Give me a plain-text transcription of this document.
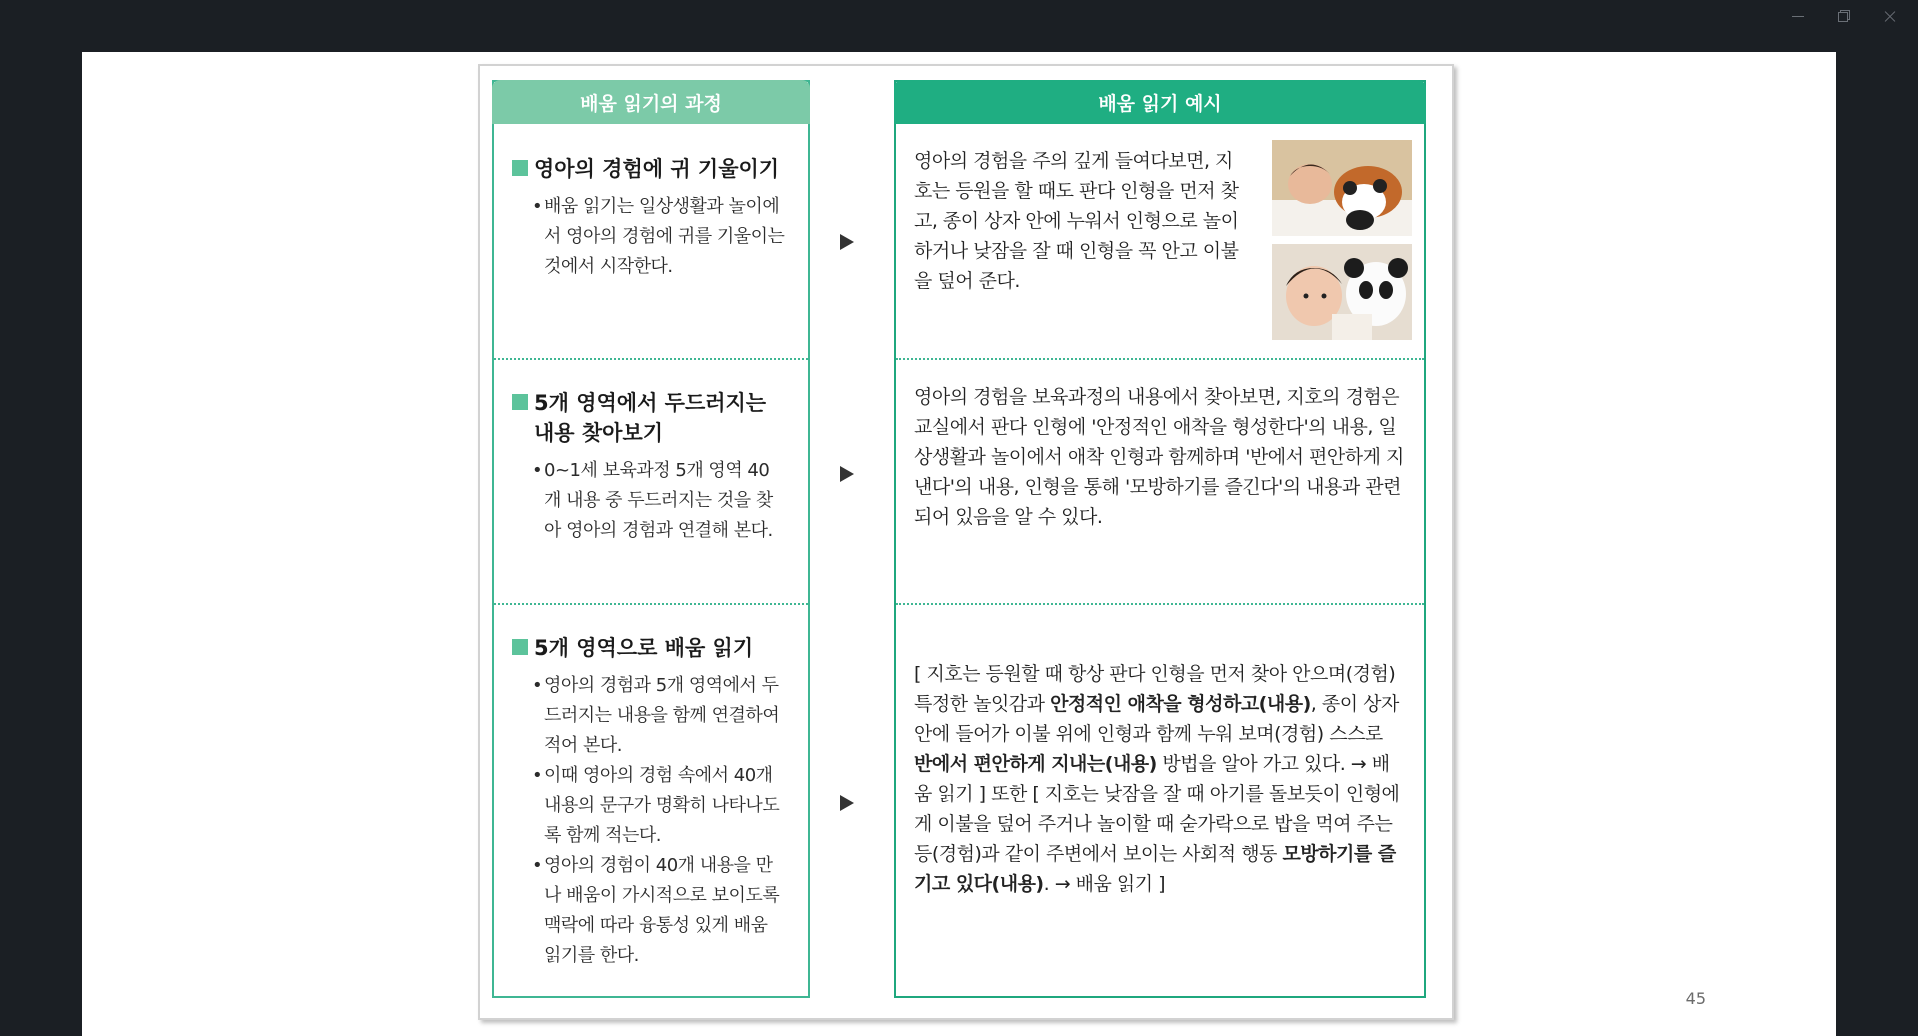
배움 읽기의 과정
영아의 경험에 귀 기울이기
• 배움 읽기는 일상생활과 놀이에서 영아의 경험에 귀를 기울이는 것에서 시작한다.
5개 영역에서 두드러지는 내용 찾아보기
• 0~1세 보육과정 5개 영역 40개 내용 중 두드러지는 것을 찾아 영아의 경험과 연결해 본다.
5개 영역으로 배움 읽기
• 영아의 경험과 5개 영역에서 두드러지는 내용을 함께 연결하여 적어 본다.
• 이때 영아의 경험 속에서 40개 내용의 문구가 명확히 나타나도록 함께 적는다.
• 영아의 경험이 40개 내용을 만나 배움이 가시적으로 보이도록 맥락에 따라 융통성 있게 배움 읽기를 한다.
배움 읽기 예시

영아의 경험을 주의 깊게 들여다보면, 지호는 등원을 할 때도 판다 인형을 먼저 찾고, 종이 상자 안에 누워서 인형으로 놀이하거나 낮잠을 잘 때 인형을 꼭 안고 이불을 덮어 준다.

영아의 경험을 보육과정의 내용에서 찾아보면, 지호의 경험은 교실에서 판다 인형에 '안정적인 애착을 형성한다'의 내용, 일상생활과 놀이에서 애착 인형과 함께하며 '반에서 편안하게 지낸다'의 내용, 인형을 통해 '모방하기를 즐긴다'의 내용과 관련되어 있음을 알 수 있다.

[ 지호는 등원할 때 항상 판다 인형을 먼저 찾아 안으며(경험) 특정한 놀잇감과 안정적인 애착을 형성하고(내용), 종이 상자 안에 들어가 이불 위에 인형과 함께 누워 보며(경험) 스스로 반에서 편안하게 지내는(내용) 방법을 알아 가고 있다. → 배움 읽기 ] 또한 [ 지호는 낮잠을 잘 때 아기를 돌보듯이 인형에게 이불을 덮어 주거나 놀이할 때 숟가락으로 밥을 먹여 주는 등(경험)과 같이 주변에서 보이는 사회적 행동 모방하기를 즐기고 있다(내용). → 배움 읽기 ]

45
